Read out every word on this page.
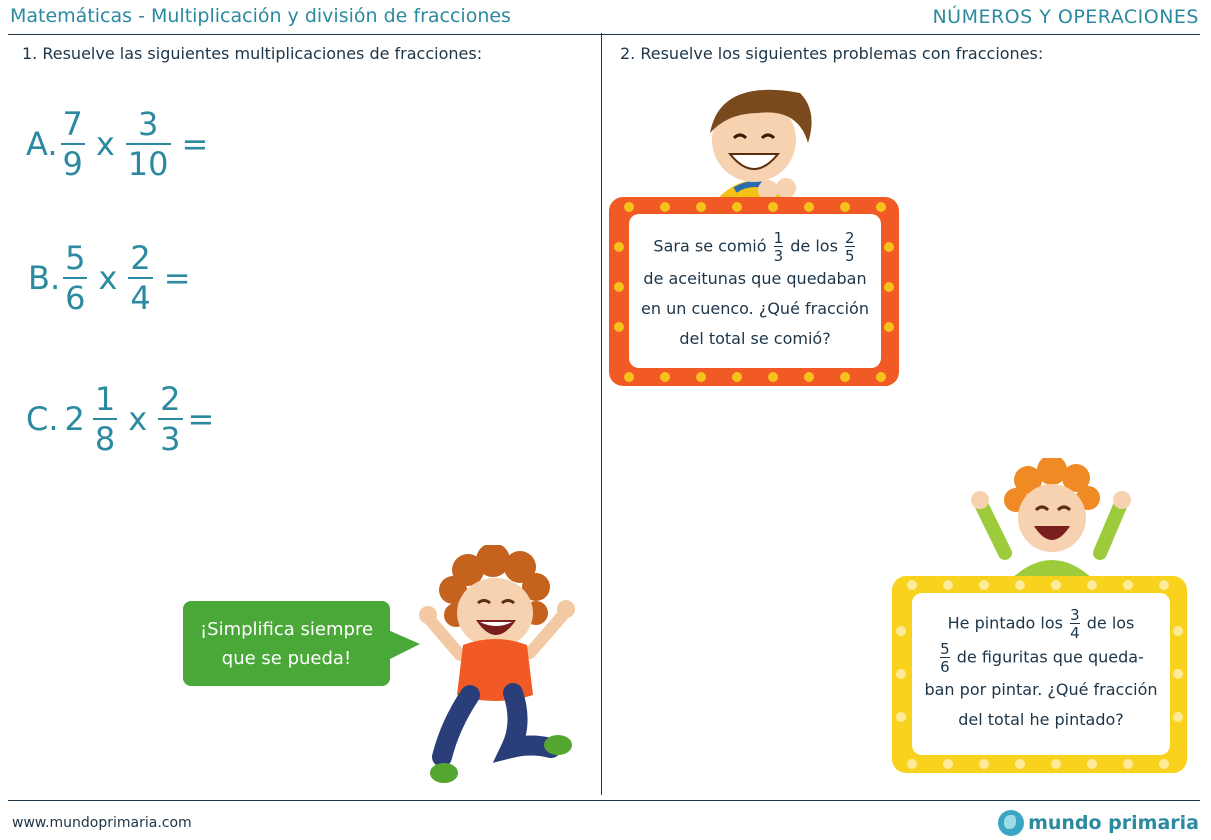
Matemáticas - Multiplicación y división de fracciones	NÚMEROS Y OPERACIONES
1. Resuelve las siguientes multiplicaciones de fracciones:
A. $\frac{7}{9}$ x $\frac{3}{10}$ =
B. $\frac{5}{6}$ x $\frac{2}{4}$ =
C. $2 \frac{1}{8}$ x $\frac{2}{3}$ =
¡Simplifica siempre
que se pueda!
2. Resuelve los siguientes problemas con fracciones:
Sara se comió $\frac{1}{3}$ de los $\frac{2}{5}$
de aceitunas que quedaban
en un cuenco. ¿Qué fracción
del total se comió?
He pintado los $\frac{3}{4}$ de los
$\frac{5}{6}$ de figuritas que queda-
ban por pintar. ¿Qué fracción
del total he pintado?
www.mundoprimaria.com	mundo primaria
